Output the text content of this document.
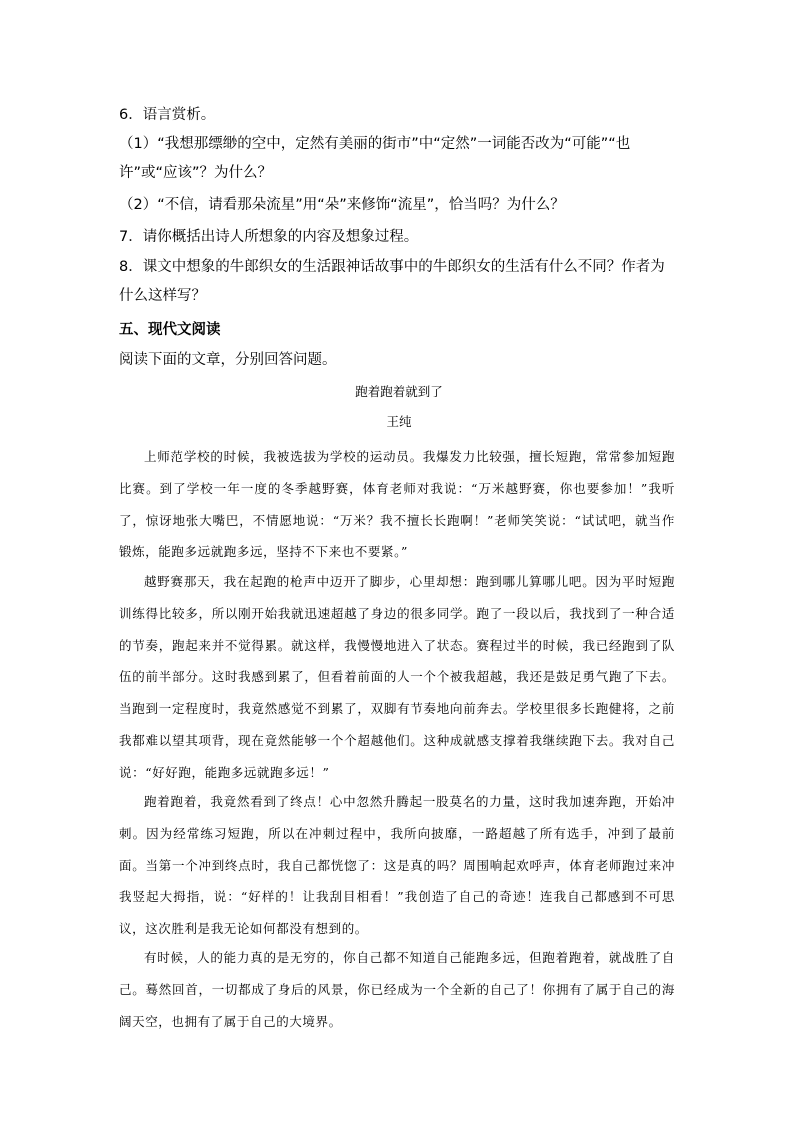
6．语言赏析。

（1）“我想那缥缈的空中，定然有美丽的街市”中“定然”一词能否改为“可能”“也许”或“应该”？为什么？

（2）“不信，请看那朵流星”用“朵”来修饰“流星”，恰当吗？为什么？

7．请你概括出诗人所想象的内容及想象过程。

8．课文中想象的牛郎织女的生活跟神话故事中的牛郎织女的生活有什么不同？作者为什么这样写？

五、现代文阅读

阅读下面的文章，分别回答问题。

跑着跑着就到了

王纯

上师范学校的时候，我被选拔为学校的运动员。我爆发力比较强，擅长短跑，常常参加短跑比赛。到了学校一年一度的冬季越野赛，体育老师对我说：“万米越野赛，你也要参加！”我听了，惊讶地张大嘴巴，不情愿地说：“万米？我不擅长长跑啊！”老师笑笑说：“试试吧，就当作锻炼，能跑多远就跑多远，坚持不下来也不要紧。”

越野赛那天，我在起跑的枪声中迈开了脚步，心里却想：跑到哪儿算哪儿吧。因为平时短跑训练得比较多，所以刚开始我就迅速超越了身边的很多同学。跑了一段以后，我找到了一种合适的节奏，跑起来并不觉得累。就这样，我慢慢地进入了状态。赛程过半的时候，我已经跑到了队伍的前半部分。这时我感到累了，但看着前面的人一个个被我超越，我还是鼓足勇气跑了下去。当跑到一定程度时，我竟然感觉不到累了，双脚有节奏地向前奔去。学校里很多长跑健将，之前我都难以望其项背，现在竟然能够一个个超越他们。这种成就感支撑着我继续跑下去。我对自己说：“好好跑，能跑多远就跑多远！”

跑着跑着，我竟然看到了终点！心中忽然升腾起一股莫名的力量，这时我加速奔跑，开始冲刺。因为经常练习短跑，所以在冲刺过程中，我所向披靡，一路超越了所有选手，冲到了最前面。当第一个冲到终点时，我自己都恍惚了：这是真的吗？周围响起欢呼声，体育老师跑过来冲我竖起大拇指，说：“好样的！让我刮目相看！”我创造了自己的奇迹！连我自己都感到不可思议，这次胜利是我无论如何都没有想到的。

有时候，人的能力真的是无穷的，你自己都不知道自己能跑多远，但跑着跑着，就战胜了自己。蓦然回首，一切都成了身后的风景，你已经成为一个全新的自己了！你拥有了属于自己的海阔天空，也拥有了属于自己的大境界。
